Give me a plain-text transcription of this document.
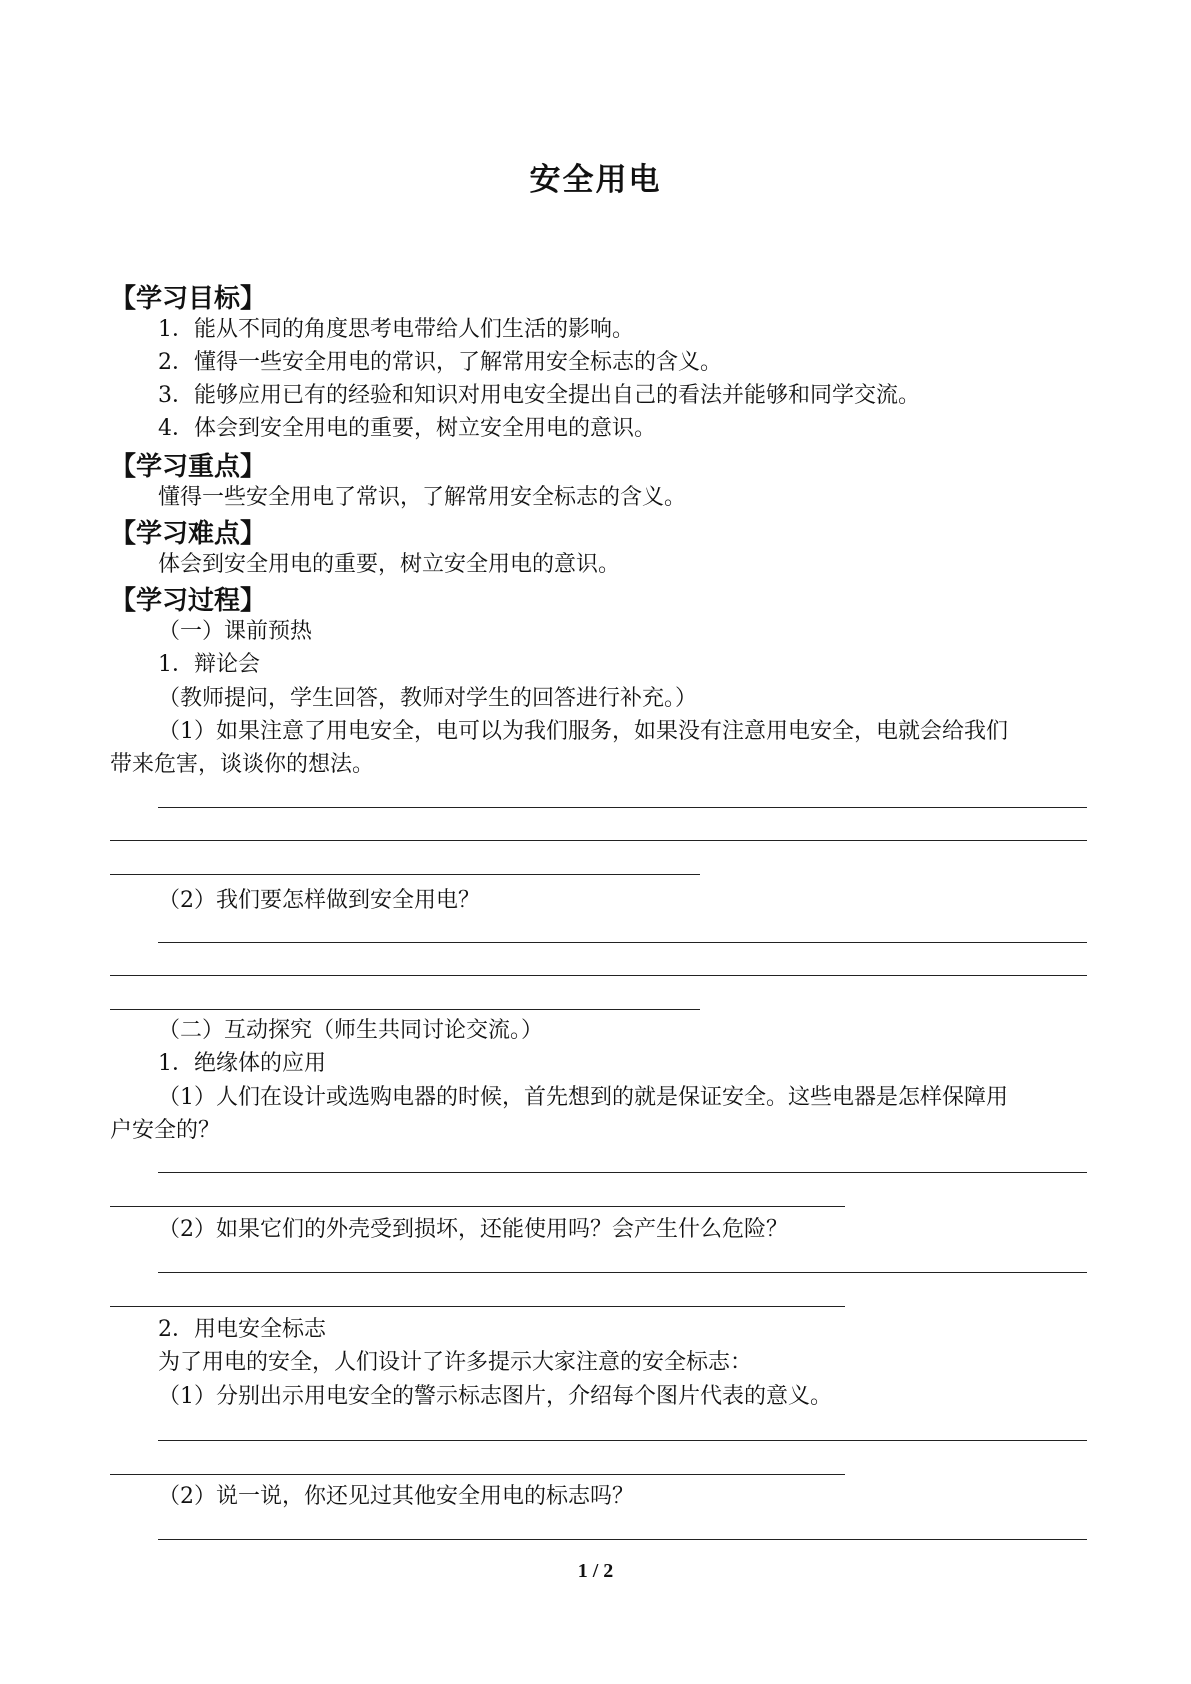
安全用电
【学习目标】
1．能从不同的角度思考电带给人们生活的影响。
2．懂得一些安全用电的常识，了解常用安全标志的含义。
3．能够应用已有的经验和知识对用电安全提出自己的看法并能够和同学交流。
4．体会到安全用电的重要，树立安全用电的意识。
【学习重点】
懂得一些安全用电了常识，了解常用安全标志的含义。
【学习难点】
体会到安全用电的重要，树立安全用电的意识。
【学习过程】
（一）课前预热
1．辩论会
（教师提问，学生回答，教师对学生的回答进行补充。）
（1）如果注意了用电安全，电可以为我们服务，如果没有注意用电安全，电就会给我们
带来危害，谈谈你的想法。
（2）我们要怎样做到安全用电？
（二）互动探究（师生共同讨论交流。）
1．绝缘体的应用
（1）人们在设计或选购电器的时候，首先想到的就是保证安全。这些电器是怎样保障用
户安全的？
（2）如果它们的外壳受到损坏，还能使用吗？会产生什么危险？
2．用电安全标志
为了用电的安全，人们设计了许多提示大家注意的安全标志：
（1）分别出示用电安全的警示标志图片，介绍每个图片代表的意义。
（2）说一说，你还见过其他安全用电的标志吗？
1 / 2
